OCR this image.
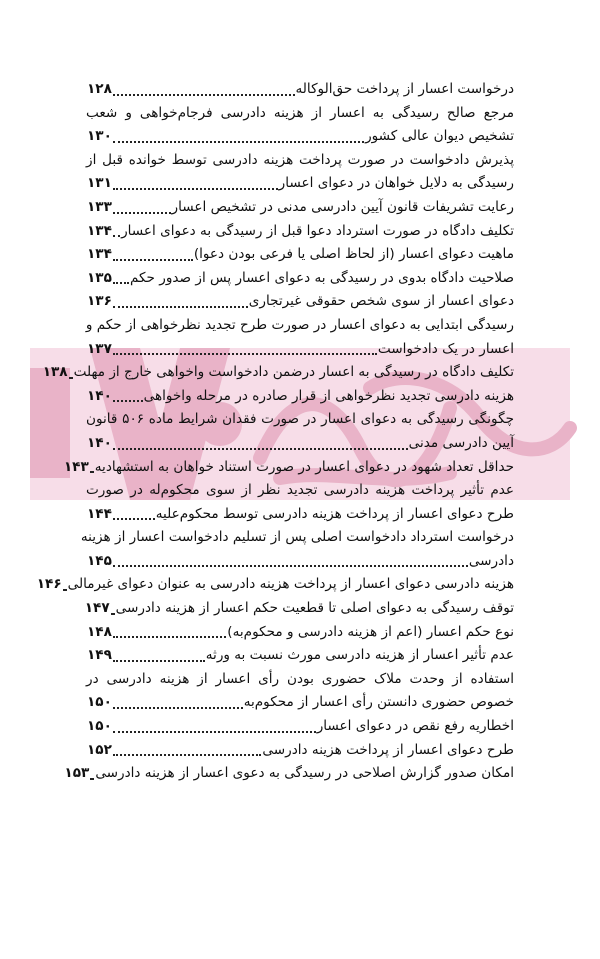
درخواست اعسار از پرداخت حق‌الوکاله
۱۲۸
مرجع صالح رسیدگی به اعسار از هزینه دادرسی فرجام‌خواهی و شعب
تشخیص دیوان عالی کشور
۱۳۰
پذیرش دادخواست در صورت پرداخت هزینه دادرسی توسط خوانده قبل از
رسیدگی به دلایل خواهان در دعوای اعسار
۱۳۱
رعایت تشریفات قانون آیین دادرسی مدنی در تشخیص اعسار
۱۳۳
تکلیف دادگاه در صورت استرداد دعوا قبل از رسیدگی به دعوای اعسار
۱۳۴
ماهیت دعوای اعسار (از لحاظ اصلی یا فرعی بودن دعوا)
۱۳۴
صلاحیت دادگاه بدوی در رسیدگی به دعوای اعسار پس از صدور حکم
۱۳۵
دعوای اعسار از سوی شخص حقوقی غیرتجاری
۱۳۶
رسیدگی ابتدایی به دعوای اعسار در صورت طرح تجدید نظرخواهی از حکم و
اعسار در یک دادخواست
۱۳۷
تکلیف دادگاه در رسیدگی به اعسار درضمن دادخواست واخواهی خارج از مهلت
۱۳۸
هزینه دادرسی تجدید نظرخواهی از قرار صادره در مرحله واخواهی
۱۴۰
چگونگی رسیدگی به دعوای اعسار در صورت فقدان شرایط ماده ۵۰۶ قانون
آیین دادرسی مدنی
۱۴۰
حداقل تعداد شهود در دعوای اعسار در صورت استناد خواهان به استشهادیه
۱۴۳
عدم تأثیر پرداخت هزینه دادرسی تجدید نظر از سوی محکوم‌له در صورت
طرح دعوای اعسار از پرداخت هزینه دادرسی توسط محکوم‌علیه
۱۴۴
درخواست استرداد دادخواست اصلی پس از تسلیم دادخواست اعسار از هزینه
دادرسی
۱۴۵
هزینه دادرسی دعوای اعسار از پرداخت هزینه دادرسی به عنوان دعوای غیرمالی
۱۴۶
توقف رسیدگی به دعوای اصلی تا قطعیت حکم اعسار از هزینه دادرسی
۱۴۷
نوع حکم اعسار (اعم از هزینه دادرسی و محکوم‌به)
۱۴۸
عدم تأثیر اعسار از هزینه دادرسی مورث نسبت به ورثه
۱۴۹
استفاده از وحدت ملاک حضوری بودن رأی اعسار از هزینه دادرسی در
خصوص حضوری دانستن رأی اعسار از محکوم‌به
۱۵۰
اخطاریه رفع نقص در دعوای اعسار
۱۵۰
طرح دعوای اعسار از پرداخت هزینه دادرسی
۱۵۲
امکان صدور گزارش اصلاحی در رسیدگی به دعوی اعسار از هزینه دادرسی
۱۵۳
